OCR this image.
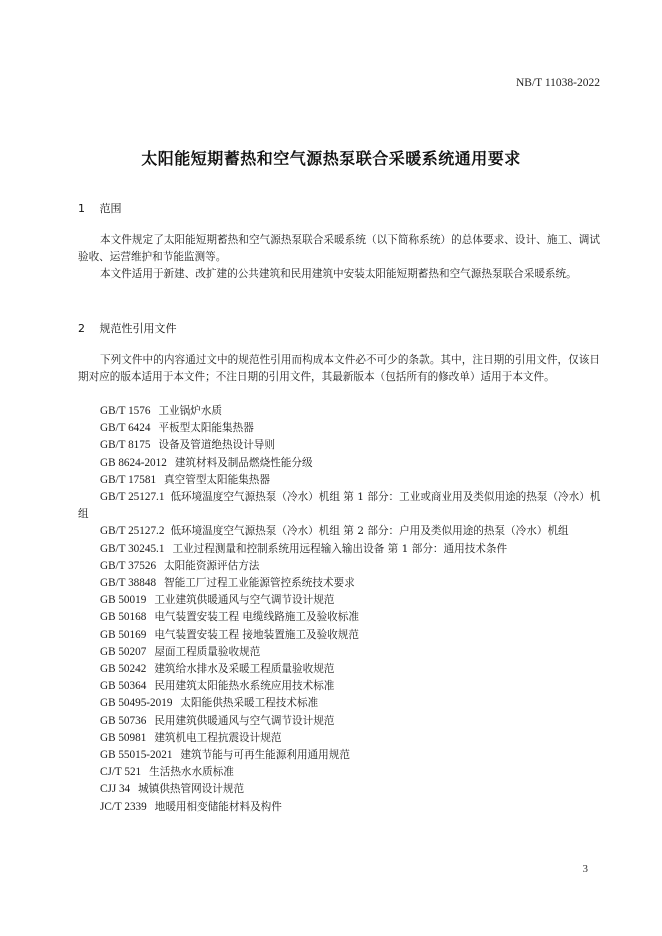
NB/T 11038-2022
太阳能短期蓄热和空气源热泵联合采暖系统通用要求
1 范围

本文件规定了太阳能短期蓄热和空气源热泵联合采暖系统（以下简称系统）的总体要求、设计、施工、调试验收、运营维护和节能监测等。

本文件适用于新建、改扩建的公共建筑和民用建筑中安装太阳能短期蓄热和空气源热泵联合采暖系统。

2 规范性引用文件

下列文件中的内容通过文中的规范性引用而构成本文件必不可少的条款。其中，注日期的引用文件，仅该日期对应的版本适用于本文件；不注日期的引用文件，其最新版本（包括所有的修改单）适用于本文件。

GB/T 1576 工业锅炉水质
GB/T 6424 平板型太阳能集热器
GB/T 8175 设备及管道绝热设计导则
GB 8624-2012 建筑材料及制品燃烧性能分级
GB/T 17581 真空管型太阳能集热器
GB/T 25127.1 低环境温度空气源热泵（冷水）机组 第 1 部分：工业或商业用及类似用途的热泵（冷水）机组
GB/T 25127.2 低环境温度空气源热泵（冷水）机组 第 2 部分：户用及类似用途的热泵（冷水）机组
GB/T 30245.1 工业过程测量和控制系统用远程输入输出设备 第 1 部分：通用技术条件
GB/T 37526 太阳能资源评估方法
GB/T 38848 智能工厂过程工业能源管控系统技术要求
GB 50019 工业建筑供暖通风与空气调节设计规范
GB 50168 电气装置安装工程 电缆线路施工及验收标准
GB 50169 电气装置安装工程 接地装置施工及验收规范
GB 50207 屋面工程质量验收规范
GB 50242 建筑给水排水及采暖工程质量验收规范
GB 50364 民用建筑太阳能热水系统应用技术标准
GB 50495-2019 太阳能供热采暖工程技术标准
GB 50736 民用建筑供暖通风与空气调节设计规范
GB 50981 建筑机电工程抗震设计规范
GB 55015-2021 建筑节能与可再生能源利用通用规范
CJ/T 521 生活热水水质标准
CJJ 34 城镇供热管网设计规范
JC/T 2339 地暖用相变储能材料及构件
3
